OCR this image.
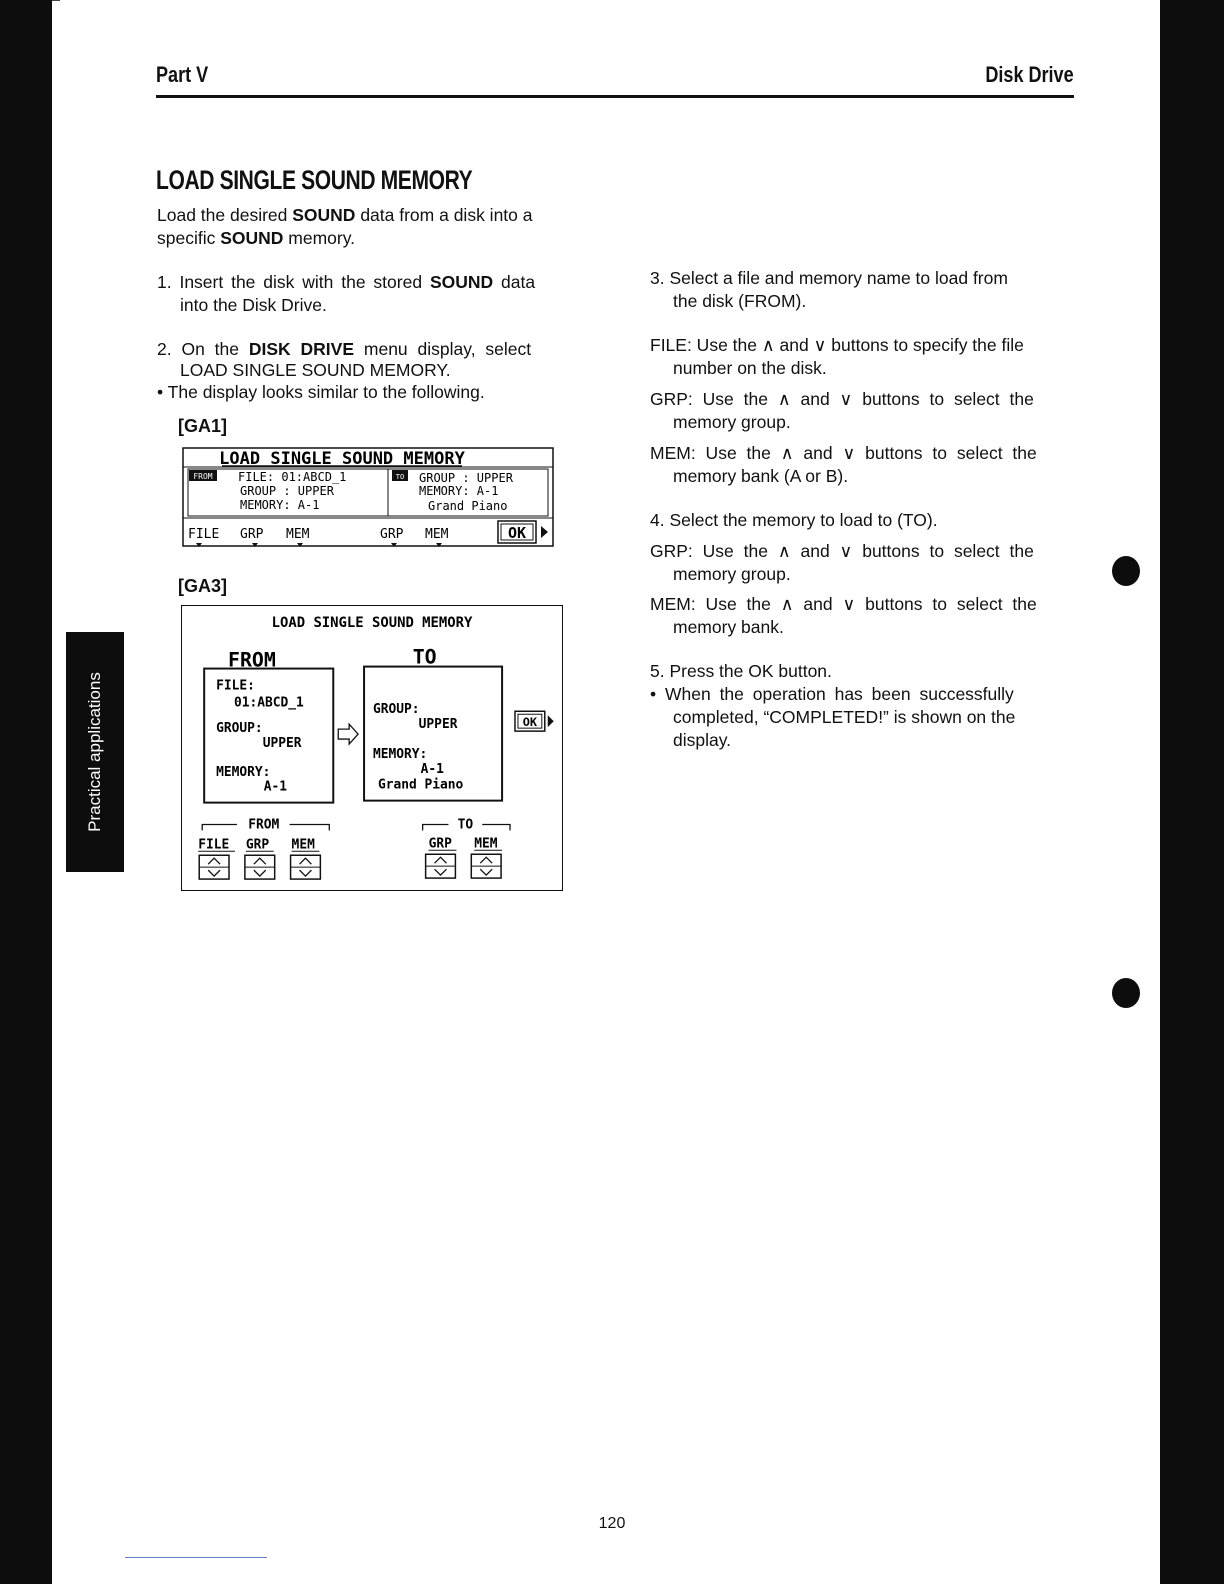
Part V	Disk Drive
LOAD SINGLE SOUND MEMORY
Load the desired SOUND data from a disk into a
specific SOUND memory.
1. Insert the disk with the stored SOUND data
into the Disk Drive.
2. On the DISK DRIVE menu display, select
LOAD SINGLE SOUND MEMORY.
• The display looks similar to the following.
[GA1]
LOAD SINGLE SOUND MEMORY
FROM FILE: 01:ABCD_1
GROUP : UPPER
MEMORY: A-1
TO GROUP : UPPER
MEMORY: A-1
Grand Piano
FILE GRP MEM	GRP MEM	OK
[GA3]
LOAD SINGLE SOUND MEMORY
FROM	TO
FILE:
01:ABCD_1
GROUP:
UPPER
MEMORY:
A-1
GROUP:
UPPER
MEMORY:
A-1
Grand Piano
OK
FROM	TO
FILE GRP MEM	GRP MEM
3. Select a file and memory name to load from
the disk (FROM).
FILE: Use the ∧ and ∨ buttons to specify the file
number on the disk.
GRP: Use the ∧ and ∨ buttons to select the
memory group.
MEM: Use the ∧ and ∨ buttons to select the
memory bank (A or B).
4. Select the memory to load to (TO).
GRP: Use the ∧ and ∨ buttons to select the
memory group.
MEM: Use the ∧ and ∨ buttons to select the
memory bank.
5. Press the OK button.
• When the operation has been successfully
completed, “COMPLETED!” is shown on the
display.
Practical applications
120
